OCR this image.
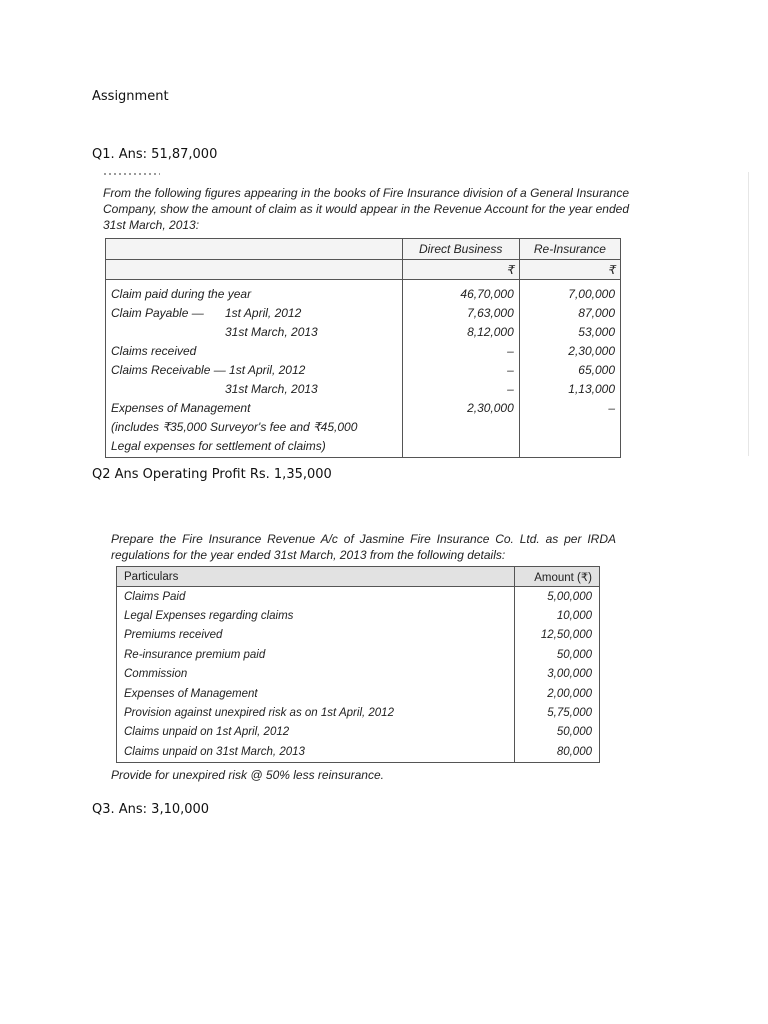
Assignment
Q1. Ans: 51,87,000
From the following figures appearing in the books of Fire Insurance division of a General Insurance Company, show the amount of claim as it would appear in the Revenue Account for the year ended 31st March, 2013:
	Direct Business	Re-Insurance
	₹	₹
Claim paid during the year	46,70,000	7,00,000
Claim Payable — 1st April, 2012	7,63,000	87,000
31st March, 2013	8,12,000	53,000
Claims received	–	2,30,000
Claims Receivable — 1st April, 2012	–	65,000
31st March, 2013	–	1,13,000
Expenses of Management	2,30,000	–
(includes ₹35,000 Surveyor's fee and ₹45,000		
Legal expenses for settlement of claims)		
Q2 Ans Operating Profit Rs. 1,35,000
Prepare the Fire Insurance Revenue A/c of Jasmine Fire Insurance Co. Ltd. as per IRDA regulations for the year ended 31st March, 2013 from the following details:
Particulars	Amount (₹)
Claims Paid	5,00,000
Legal Expenses regarding claims	10,000
Premiums received	12,50,000
Re-insurance premium paid	50,000
Commission	3,00,000
Expenses of Management	2,00,000
Provision against unexpired risk as on 1st April, 2012	5,75,000
Claims unpaid on 1st April, 2012	50,000
Claims unpaid on 31st March, 2013	80,000
Provide for unexpired risk @ 50% less reinsurance.
Q3. Ans: 3,10,000
